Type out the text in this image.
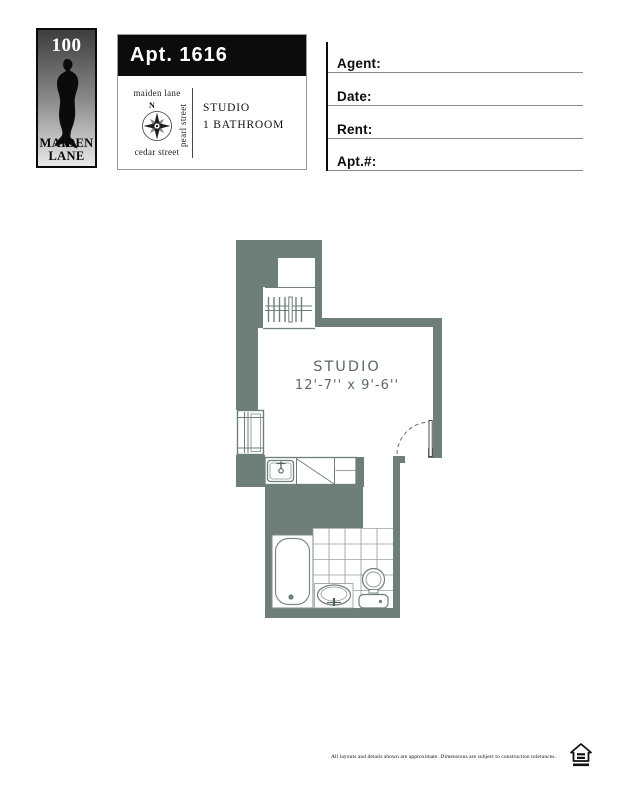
100
MAIDEN
LANE
Apt. 1616
maiden lane
N
cedar street
pearl street STUDIO
1 BATHROOM
Agent:
Date:
Rent:
Apt.#:
STUDIO
12'-7'' x 9'-6''
All layouts and details shown are approximate. Dimensions are subject to construction tolerances.
